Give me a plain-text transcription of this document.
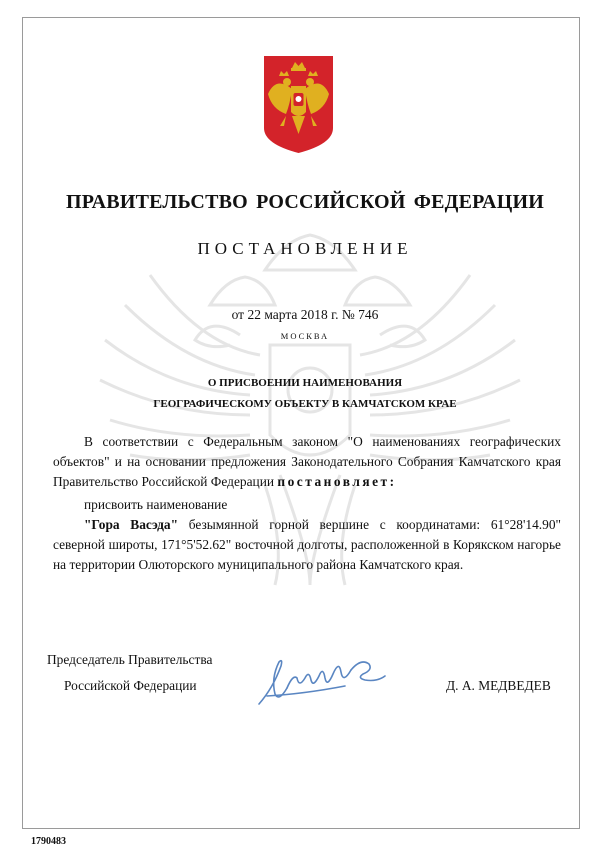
ПРАВИТЕЛЬСТВО РОССИЙСКОЙ ФЕДЕРАЦИИ
ПОСТАНОВЛЕНИЕ
от 22 марта 2018 г. № 746
МОСКВА
О ПРИСВОЕНИИ НАИМЕНОВАНИЯ
ГЕОГРАФИЧЕСКОМУ ОБЪЕКТУ В КАМЧАТСКОМ КРАЕ
В соответствии с Федеральным законом "О наименованиях географических объектов" и на основании предложения Законодательного Собрания Камчатского края Правительство Российской Федерации постановляет:
присвоить наименование
"Гора Васэда" безымянной горной вершине с координатами: 61°28'14.90" северной широты, 171°5'52.62" восточной долготы, расположенной в Корякском нагорье на территории Олюторского муниципального района Камчатского края.
Председатель Правительства
Российской Федерации	Д. А. МЕДВЕДЕВ
1790483
